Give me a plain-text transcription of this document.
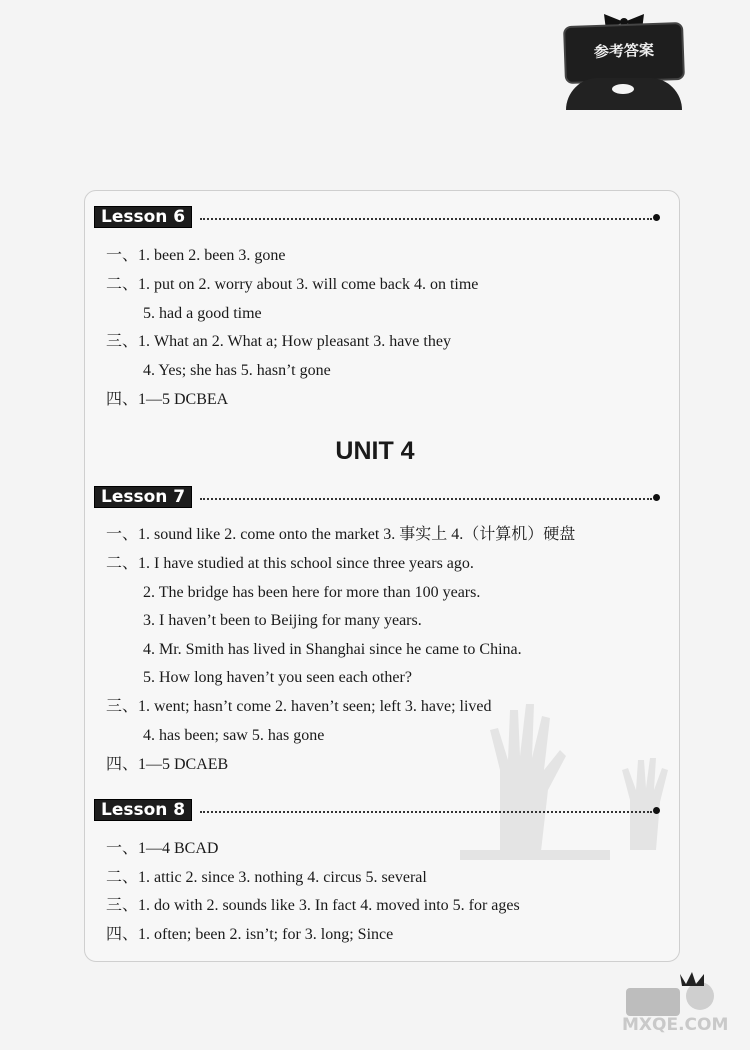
参考答案
Lesson 6
一、1. been 2. been 3. gone
二、1. put on 2. worry about 3. will come back 4. on time
5. had a good time
三、1. What an 2. What a; How pleasant 3. have they
4. Yes; she has 5. hasn’t gone
四、1—5 DCBEA
UNIT 4
Lesson 7
一、1. sound like 2. come onto the market 3. 事实上 4.（计算机）硬盘
二、1. I have studied at this school since three years ago.
2. The bridge has been here for more than 100 years.
3. I haven’t been to Beijing for many years.
4. Mr. Smith has lived in Shanghai since he came to China.
5. How long haven’t you seen each other?
三、1. went; hasn’t come 2. haven’t seen; left 3. have; lived
4. has been; saw 5. has gone
四、1—5 DCAEB
Lesson 8
一、1—4 BCAD
二、1. attic 2. since 3. nothing 4. circus 5. several
三、1. do with 2. sounds like 3. In fact 4. moved into 5. for ages
四、1. often; been 2. isn’t; for 3. long; Since
MXQE.COM
